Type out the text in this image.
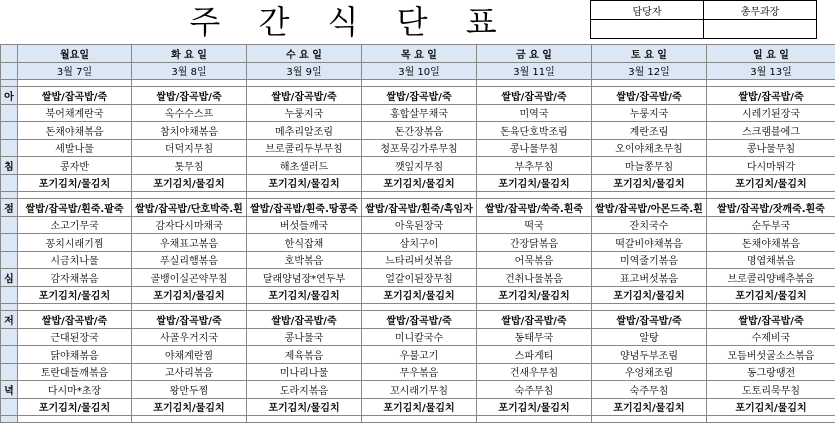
주 간 식 단 표	담당자	총무과장

	월요일	화 요 일	수 요 일	목 요 일	금 요 일	토 요 일	일 요 일
	3월 7일	3월 8일	3월 9일	3월 10일	3월 11일	3월 12일	3월 13일

아	쌀밥/잡곡밥/죽	쌀밥/잡곡밥/죽	쌀밥/잡곡밥/죽	쌀밥/잡곡밥/죽	쌀밥/잡곡밥/죽	쌀밥/잡곡밥/죽	쌀밥/잡곡밥/죽
	북어채계란국	옥수수스프	누룽지국	홍합살무채국	미역국	누룽지국	시레기된장국
	돈채야채볶음	참치야채볶음	메추리알조림	돈간장볶음	돈육단호박조림	계란조림	스크램블에그
	세발나물	더덕지무침	브로콜리두부무침	청포묵김가루무침	콩나물무침	오이야채초무침	콩나물무침
침	콩자반	톳무침	해초샐러드	깻잎지무침	부추무침	마늘쫑무침	다시마튀각
	포기김치/물김치	포기김치/물김치	포기김치/물김치	포기김치/물김치	포기김치/물김치	포기김치/물김치	포기김치/물김치

점	쌀밥/잡곡밥/흰죽.팥죽	쌀밥/잡곡밥/단호박죽.흰	쌀밥/잡곡밥/흰죽.땅콩죽	쌀밥/잡곡밥/흰죽/흑임자	쌀밥/잡곡밥/쑥죽.흰죽	쌀밥/잡곡밥/아몬드죽.흰	쌀밥/잡곡밥/잣깨죽.흰죽
	소고기무국	감자다시마채국	버섯들깨국	아욱된장국	떡국	잔치국수	순두부국
	꽁치시래기찜	우채표고볶음	한식잡채	삼치구이	간장닭볶음	떡갈비야채볶음	돈채야채볶음
	시금치나물	푸실리햄볶음	호박볶음	느타리버섯볶음	어묵볶음	미역줄기볶음	명엽채볶음
심	감자채볶음	골뱅이실곤약무침	달래양념장*연두부	얼갈이된장무침	건취나물볶음	표고버섯볶음	브로콜리양배추볶음
	포기김치/물김치	포기김치/물김치	포기김치/물김치	포기김치/물김치	포기김치/물김치	포기김치/물김치	포기김치/물김치

저	쌀밥/잡곡밥/죽	쌀밥/잡곡밥/죽	쌀밥/잡곡밥/죽	쌀밥/잡곡밥/죽	쌀밥/잡곡밥/죽	쌀밥/잡곡밥/죽	쌀밥/잡곡밥/죽
	근대된장국	사골우거지국	콩나물국	미니칼국수	동태무국	알탕	수제비국
	닭야채볶음	야채계란찜	제육볶음	우불고기	스파게티	양념두부조림	모듬버섯굴소스볶음
	토란대들깨볶음	고사리볶음	미나리나물	무우볶음	건새우무침	우엉채조림	동그랑땡전
녁	다시마*초장	왕만두찜	도라지볶음	꼬시래기무침	숙주무침	숙주무침	도토리묵무침
	포기김치/물김치	포기김치/물김치	포기김치/물김치	포기김치/물김치	포기김치/물김치	포기김치/물김치	포기김치/물김치
